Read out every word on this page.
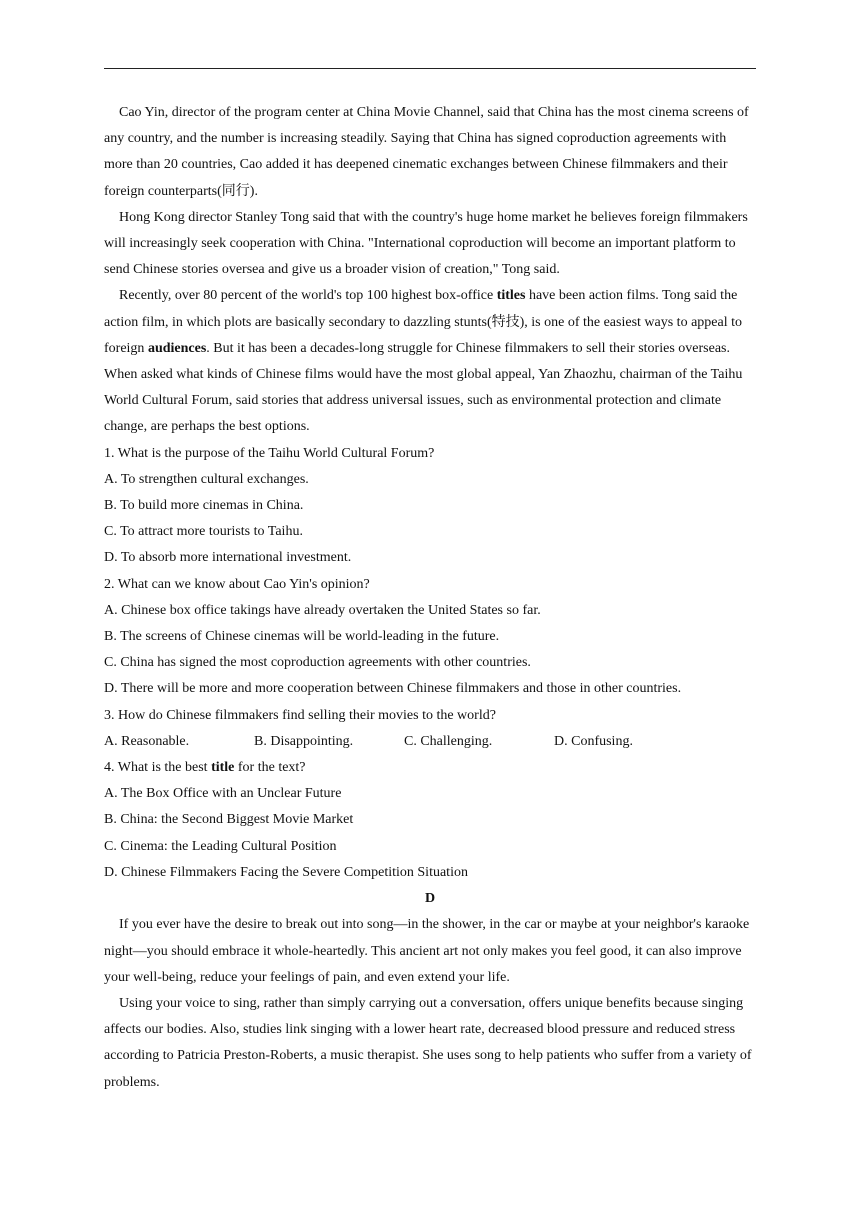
Cao Yin, director of the program center at China Movie Channel, said that China has the most cinema screens of any country, and the number is increasing steadily. Saying that China has signed coproduction agreements with more than 20 countries, Cao added it has deepened cinematic exchanges between Chinese filmmakers and their foreign counterparts(同行).

Hong Kong director Stanley Tong said that with the country's huge home market he believes foreign filmmakers will increasingly seek cooperation with China. "International coproduction will become an important platform to send Chinese stories oversea and give us a broader vision of creation," Tong said.

Recently, over 80 percent of the world's top 100 highest box-office titles have been action films. Tong said the action film, in which plots are basically secondary to dazzling stunts(特技), is one of the easiest ways to appeal to foreign audiences. But it has been a decades-long struggle for Chinese filmmakers to sell their stories overseas. When asked what kinds of Chinese films would have the most global appeal, Yan Zhaozhu, chairman of the Taihu World Cultural Forum, said stories that address universal issues, such as environmental protection and climate change, are perhaps the best options.

1. What is the purpose of the Taihu World Cultural Forum?

A. To strengthen cultural exchanges.

B. To build more cinemas in China.

C. To attract more tourists to Taihu.

D. To absorb more international investment.

2. What can we know about Cao Yin's opinion?

A. Chinese box office takings have already overtaken the United States so far.

B. The screens of Chinese cinemas will be world-leading in the future.

C. China has signed the most coproduction agreements with other countries.

D. There will be more and more cooperation between Chinese filmmakers and those in other countries.

3. How do Chinese filmmakers find selling their movies to the world?

A. Reasonable.	B. Disappointing.	C. Challenging.	D. Confusing.

4. What is the best title for the text?

A. The Box Office with an Unclear Future

B. China: the Second Biggest Movie Market

C. Cinema: the Leading Cultural Position

D. Chinese Filmmakers Facing the Severe Competition Situation

D

If you ever have the desire to break out into song—in the shower, in the car or maybe at your neighbor's karaoke night—you should embrace it whole-heartedly. This ancient art not only makes you feel good, it can also improve your well-being, reduce your feelings of pain, and even extend your life.

Using your voice to sing, rather than simply carrying out a conversation, offers unique benefits because singing affects our bodies. Also, studies link singing with a lower heart rate, decreased blood pressure and reduced stress according to Patricia Preston-Roberts, a music therapist. She uses song to help patients who suffer from a variety of problems.
